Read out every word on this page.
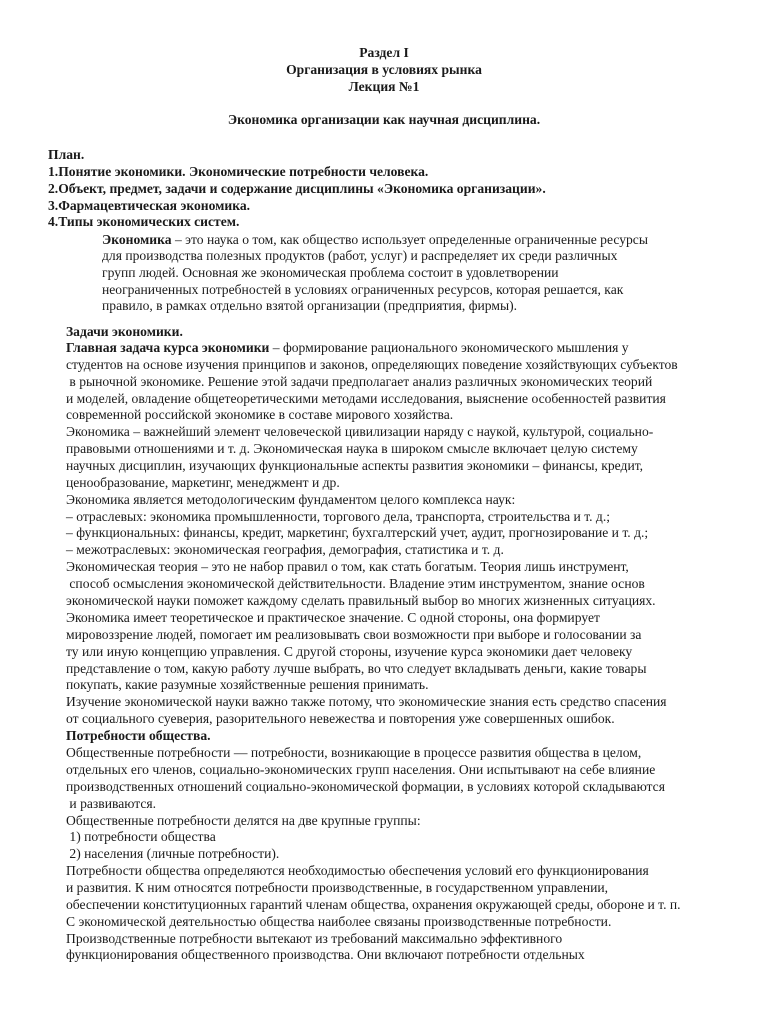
Раздел I
Организация в условиях рынка
Лекция №1
Экономика организации как научная дисциплина.
План.
1.Понятие экономики. Экономические потребности человека.
2.Объект, предмет, задачи и содержание дисциплины «Экономика организации».
3.Фармацевтическая экономика.
4.Типы экономических систем.
Экономика – это наука о том, как общество использует определенные ограниченные ресурсы
для производства полезных продуктов (работ, услуг) и распределяет их среди различных
групп людей. Основная же экономическая проблема состоит в удовлетворении
неограниченных потребностей в условиях ограниченных ресурсов, которая решается, как
правило, в рамках отдельно взятой организации (предприятия, фирмы).
Задачи экономики.
Главная задача курса экономики – формирование рационального экономического мышления у
студентов на основе изучения принципов и законов, определяющих поведение хозяйствующих субъектов
в рыночной экономике. Решение этой задачи предполагает анализ различных экономических теорий
и моделей, овладение общетеоретическими методами исследования, выяснение особенностей развития
современной российской экономике в составе мирового хозяйства.
Экономика – важнейший элемент человеческой цивилизации наряду с наукой, культурой, социально-
правовыми отношениями и т. д. Экономическая наука в широком смысле включает целую систему
научных дисциплин, изучающих функциональные аспекты развития экономики – финансы, кредит,
ценообразование, маркетинг, менеджмент и др.
Экономика является методологическим фундаментом целого комплекса наук:
– отраслевых: экономика промышленности, торгового дела, транспорта, строительства и т. д.;
– функциональных: финансы, кредит, маркетинг, бухгалтерский учет, аудит, прогнозирование и т. д.;
– межотраслевых: экономическая география, демография, статистика и т. д.
Экономическая теория – это не набор правил о том, как стать богатым. Теория лишь инструмент,
способ осмысления экономической действительности. Владение этим инструментом, знание основ
экономической науки поможет каждому сделать правильный выбор во многих жизненных ситуациях.
Экономика имеет теоретическое и практическое значение. С одной стороны, она формирует
мировоззрение людей, помогает им реализовывать свои возможности при выборе и голосовании за
ту или иную концепцию управления. С другой стороны, изучение курса экономики дает человеку
представление о том, какую работу лучше выбрать, во что следует вкладывать деньги, какие товары
покупать, какие разумные хозяйственные решения принимать.
Изучение экономической науки важно также потому, что экономические знания есть средство спасения
от социального суеверия, разорительного невежества и повторения уже совершенных ошибок.
Потребности общества.
Общественные потребности — потребности, возникающие в процессе развития общества в целом,
отдельных его членов, социально-экономических групп населения. Они испытывают на себе влияние
производственных отношений социально-экономической формации, в условиях которой складываются
и развиваются.
Общественные потребности делятся на две крупные группы:
1) потребности общества
2) населения (личные потребности).
Потребности общества определяются необходимостью обеспечения условий его функционирования
и развития. К ним относятся потребности производственные, в государственном управлении,
обеспечении конституционных гарантий членам общества, охранения окружающей среды, обороне и т. п.
С экономической деятельностью общества наиболее связаны производственные потребности.
Производственные потребности вытекают из требований максимально эффективного
функционирования общественного производства. Они включают потребности отдельных
